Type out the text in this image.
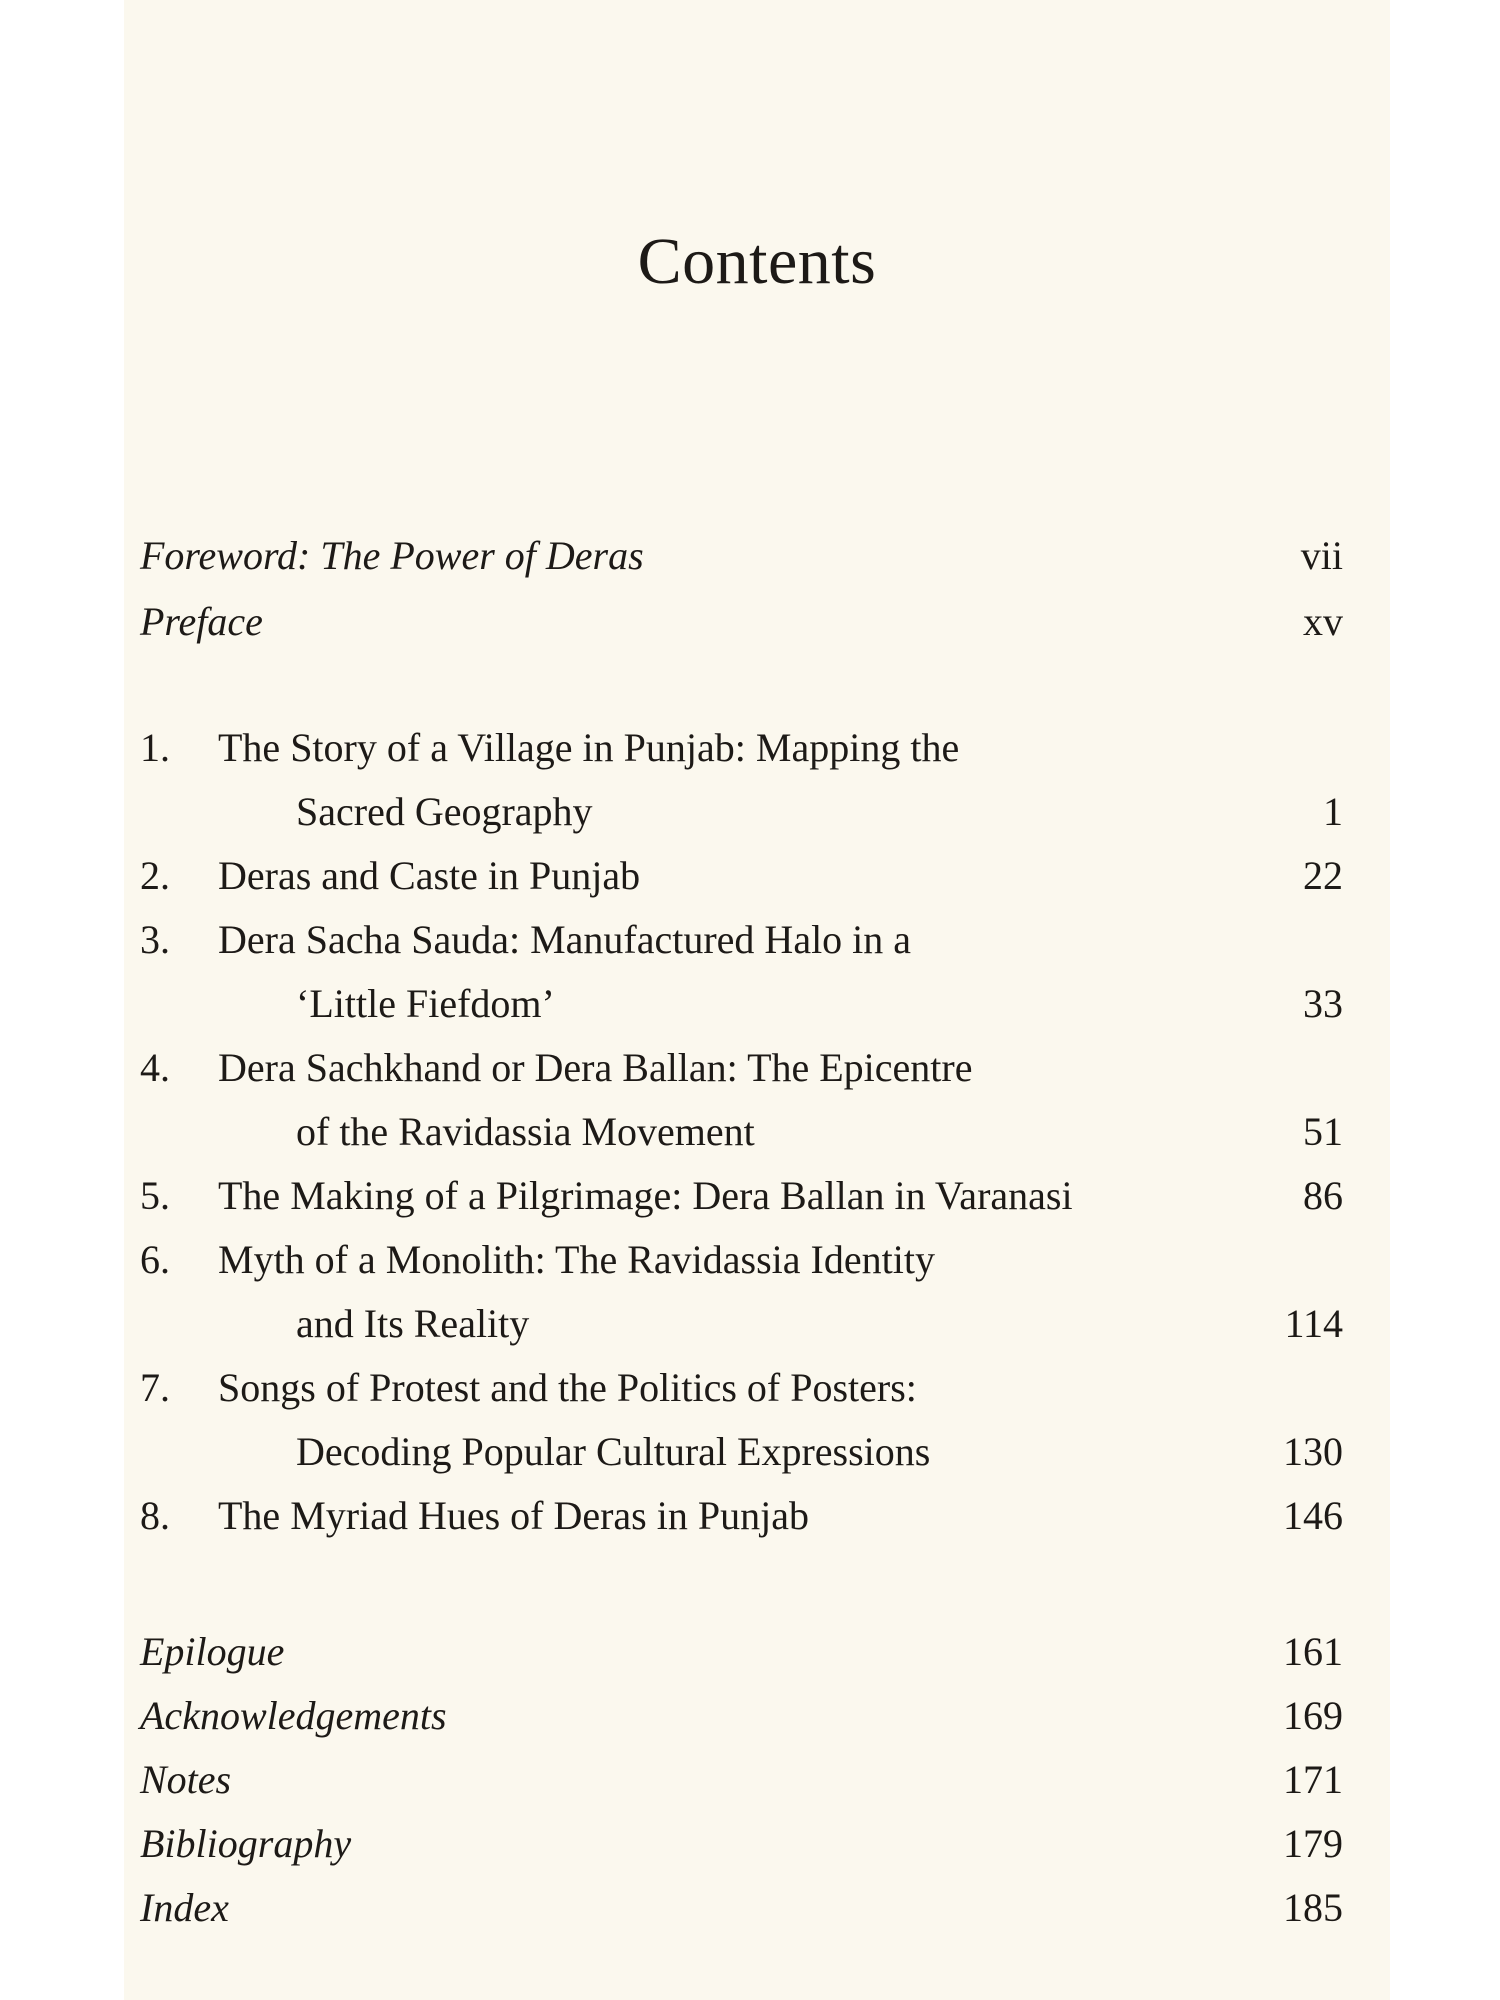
Contents
Foreword: The Power of Deras	vii
Preface	xv
1. The Story of a Village in Punjab: Mapping the
Sacred Geography	1
2. Deras and Caste in Punjab	22
3. Dera Sacha Sauda: Manufactured Halo in a
‘Little Fiefdom’	33
4. Dera Sachkhand or Dera Ballan: The Epicentre
of the Ravidassia Movement	51
5. The Making of a Pilgrimage: Dera Ballan in Varanasi	86
6. Myth of a Monolith: The Ravidassia Identity
and Its Reality	114
7. Songs of Protest and the Politics of Posters:
Decoding Popular Cultural Expressions	130
8. The Myriad Hues of Deras in Punjab	146
Epilogue	161
Acknowledgements	169
Notes	171
Bibliography	179
Index	185
